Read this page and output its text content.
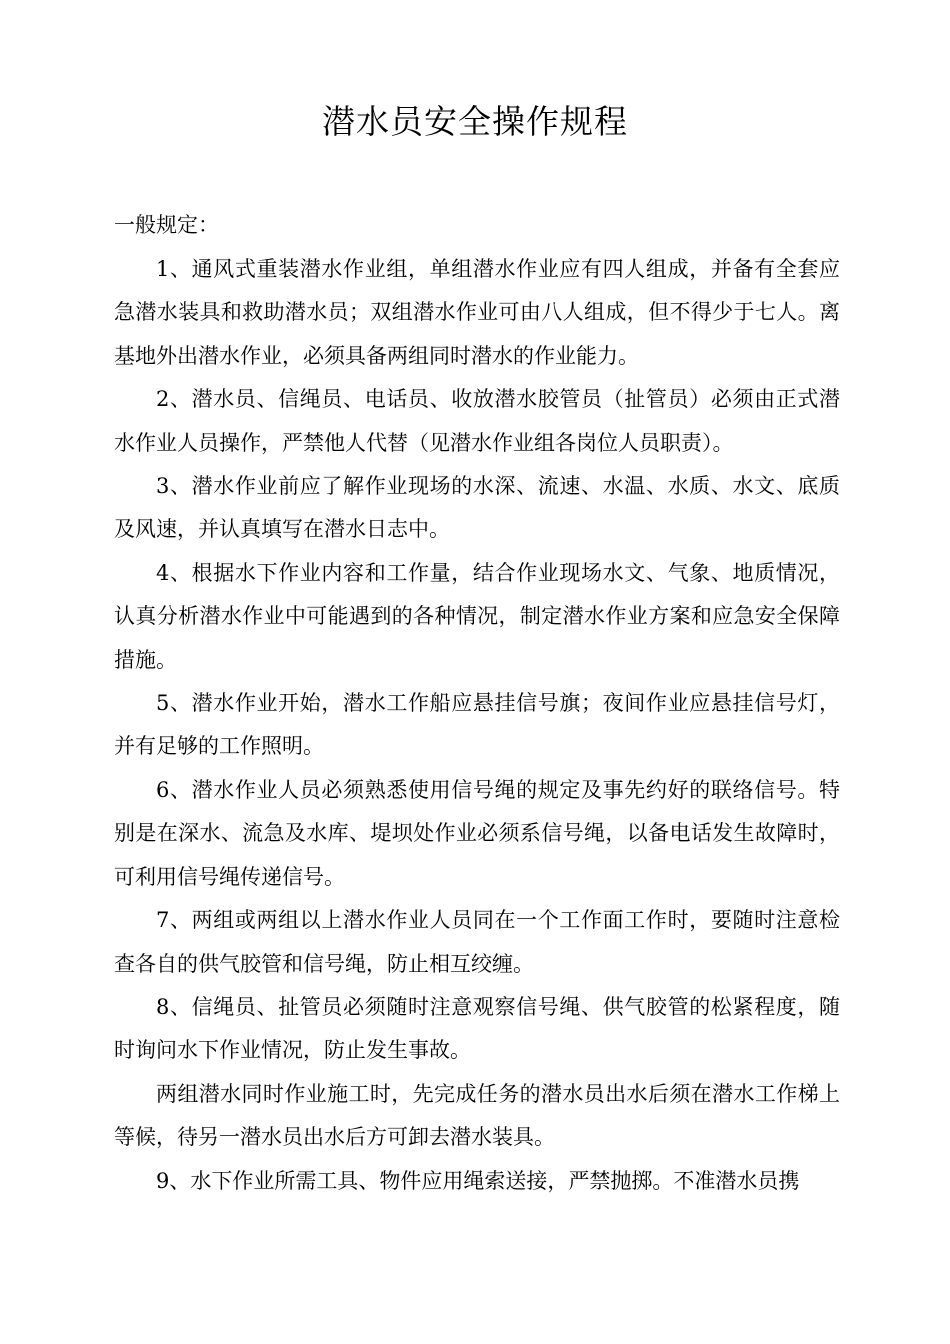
潜水员安全操作规程
一般规定：

1、通风式重装潜水作业组，单组潜水作业应有四人组成，并备有全套应急潜水装具和救助潜水员；双组潜水作业可由八人组成，但不得少于七人。离基地外出潜水作业，必须具备两组同时潜水的作业能力。

2、潜水员、信绳员、电话员、收放潜水胶管员（扯管员）必须由正式潜水作业人员操作，严禁他人代替（见潜水作业组各岗位人员职责）。

3、潜水作业前应了解作业现场的水深、流速、水温、水质、水文、底质及风速，并认真填写在潜水日志中。

4、根据水下作业内容和工作量，结合作业现场水文、气象、地质情况，认真分析潜水作业中可能遇到的各种情况，制定潜水作业方案和应急安全保障措施。

5、潜水作业开始，潜水工作船应悬挂信号旗；夜间作业应悬挂信号灯，并有足够的工作照明。

6、潜水作业人员必须熟悉使用信号绳的规定及事先约好的联络信号。特别是在深水、流急及水库、堤坝处作业必须系信号绳，以备电话发生故障时，可利用信号绳传递信号。

7、两组或两组以上潜水作业人员同在一个工作面工作时，要随时注意检查各自的供气胶管和信号绳，防止相互绞缠。

8、信绳员、扯管员必须随时注意观察信号绳、供气胶管的松紧程度，随时询问水下作业情况，防止发生事故。

两组潜水同时作业施工时，先完成任务的潜水员出水后须在潜水工作梯上等候，待另一潜水员出水后方可卸去潜水装具。

9、水下作业所需工具、物件应用绳索送接，严禁抛掷。不准潜水员携
